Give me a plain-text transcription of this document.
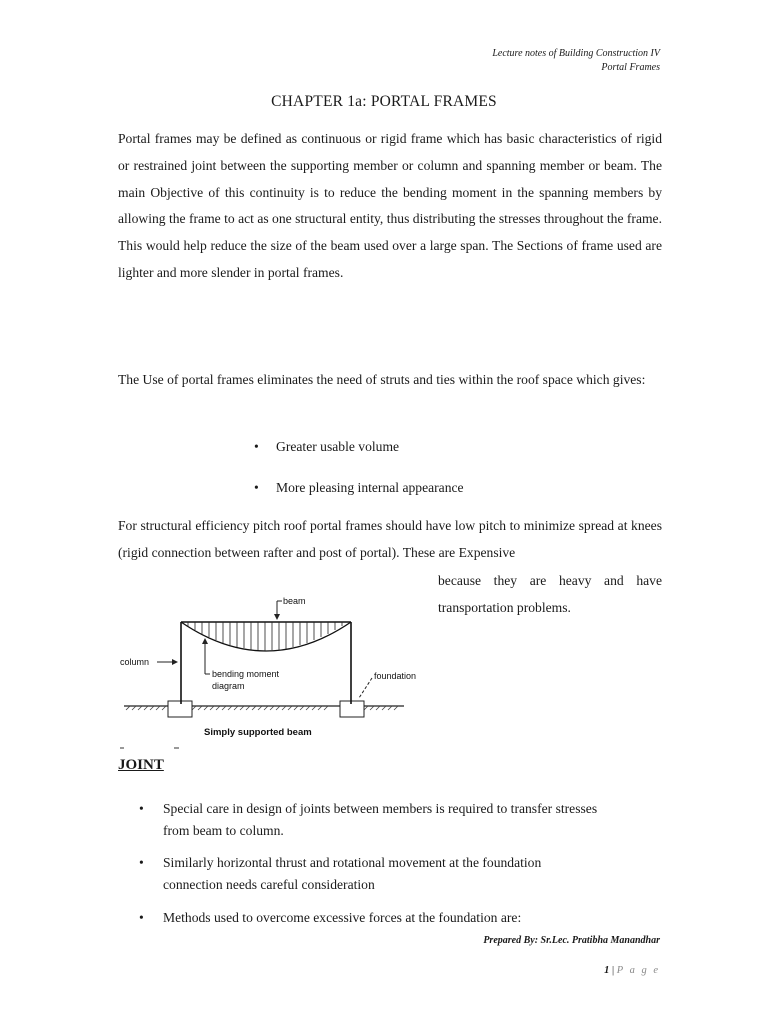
Lecture notes of Building Construction IV
Portal Frames
CHAPTER 1a: PORTAL FRAMES
Portal frames may be defined as continuous or rigid frame which has basic characteristics of rigid or restrained joint between the supporting member or column and spanning member or beam. The main Objective of this continuity is to reduce the bending moment in the spanning members by allowing the frame to act as one structural entity, thus distributing the stresses throughout the frame. This would help reduce the size of the beam used over a large span. The Sections of frame used are lighter and more slender in portal frames.
The Use of portal frames eliminates the need of struts and ties within the roof space which gives:
• Greater usable volume
• More pleasing internal appearance
For structural efficiency pitch roof portal frames should have low pitch to minimize spread at knees (rigid connection between rafter and post of portal). These are Expensive
because they are heavy and have
transportation problems.
beam
column
bending moment
diagram
foundation
Simply supported beam
JOINT
• Special care in design of joints between members is required to transfer stresses
from beam to column.
• Similarly horizontal thrust and rotational movement at the foundation
connection needs careful consideration
• Methods used to overcome excessive forces at the foundation are:
Prepared By: Sr.Lec. Pratibha Manandhar
1 | P a g e
